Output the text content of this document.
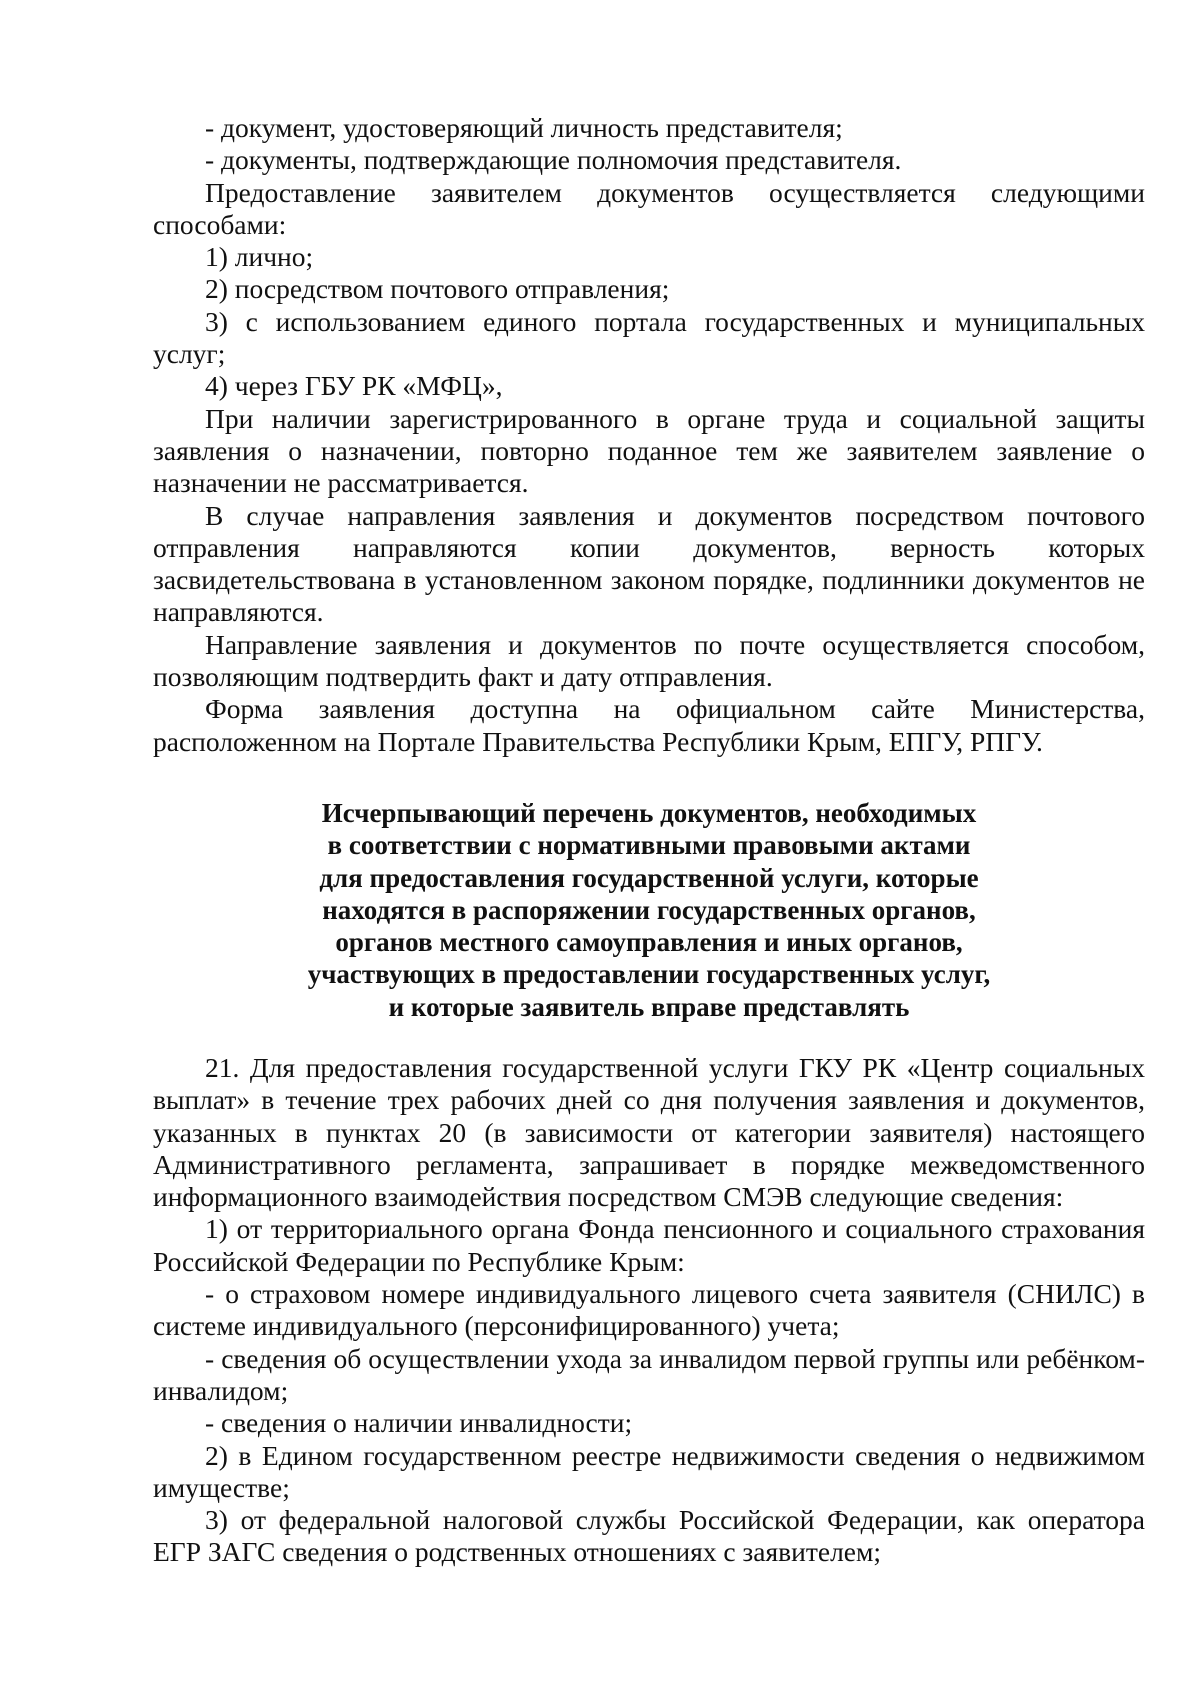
- документ, удостоверяющий личность представителя;

- документы, подтверждающие полномочия представителя.

Предоставление заявителем документов осуществляется следующими способами:

1) лично;

2) посредством почтового отправления;

3) с использованием единого портала государственных и муниципальных услуг;

4) через ГБУ РК «МФЦ»,

При наличии зарегистрированного в органе труда и социальной защиты заявления о назначении, повторно поданное тем же заявителем заявление о назначении не рассматривается.

В случае направления заявления и документов посредством почтового отправления направляются копии документов, верность которых засвидетельствована в установленном законом порядке, подлинники документов не направляются.

Направление заявления и документов по почте осуществляется способом, позволяющим подтвердить факт и дату отправления.

Форма заявления доступна на официальном сайте Министерства, расположенном на Портале Правительства Республики Крым, ЕПГУ, РПГУ.

Исчерпывающий перечень документов, необходимых
в соответствии с нормативными правовыми актами
для предоставления государственной услуги, которые
находятся в распоряжении государственных органов,
органов местного самоуправления и иных органов,
участвующих в предоставлении государственных услуг,
и которые заявитель вправе представлять

21. Для предоставления государственной услуги ГКУ РК «Центр социальных выплат» в течение трех рабочих дней со дня получения заявления и документов, указанных в пунктах 20 (в зависимости от категории заявителя) настоящего Административного регламента, запрашивает в порядке межведомственного информационного взаимодействия посредством СМЭВ следующие сведения:

1) от территориального органа Фонда пенсионного и социального страхования Российской Федерации по Республике Крым:

- о страховом номере индивидуального лицевого счета заявителя (СНИЛС) в системе индивидуального (персонифицированного) учета;

- сведения об осуществлении ухода за инвалидом первой группы или ребёнком-инвалидом;

- сведения о наличии инвалидности;

2) в Едином государственном реестре недвижимости сведения о недвижимом имуществе;

3) от федеральной налоговой службы Российской Федерации, как оператора ЕГР ЗАГС сведения о родственных отношениях с заявителем;
